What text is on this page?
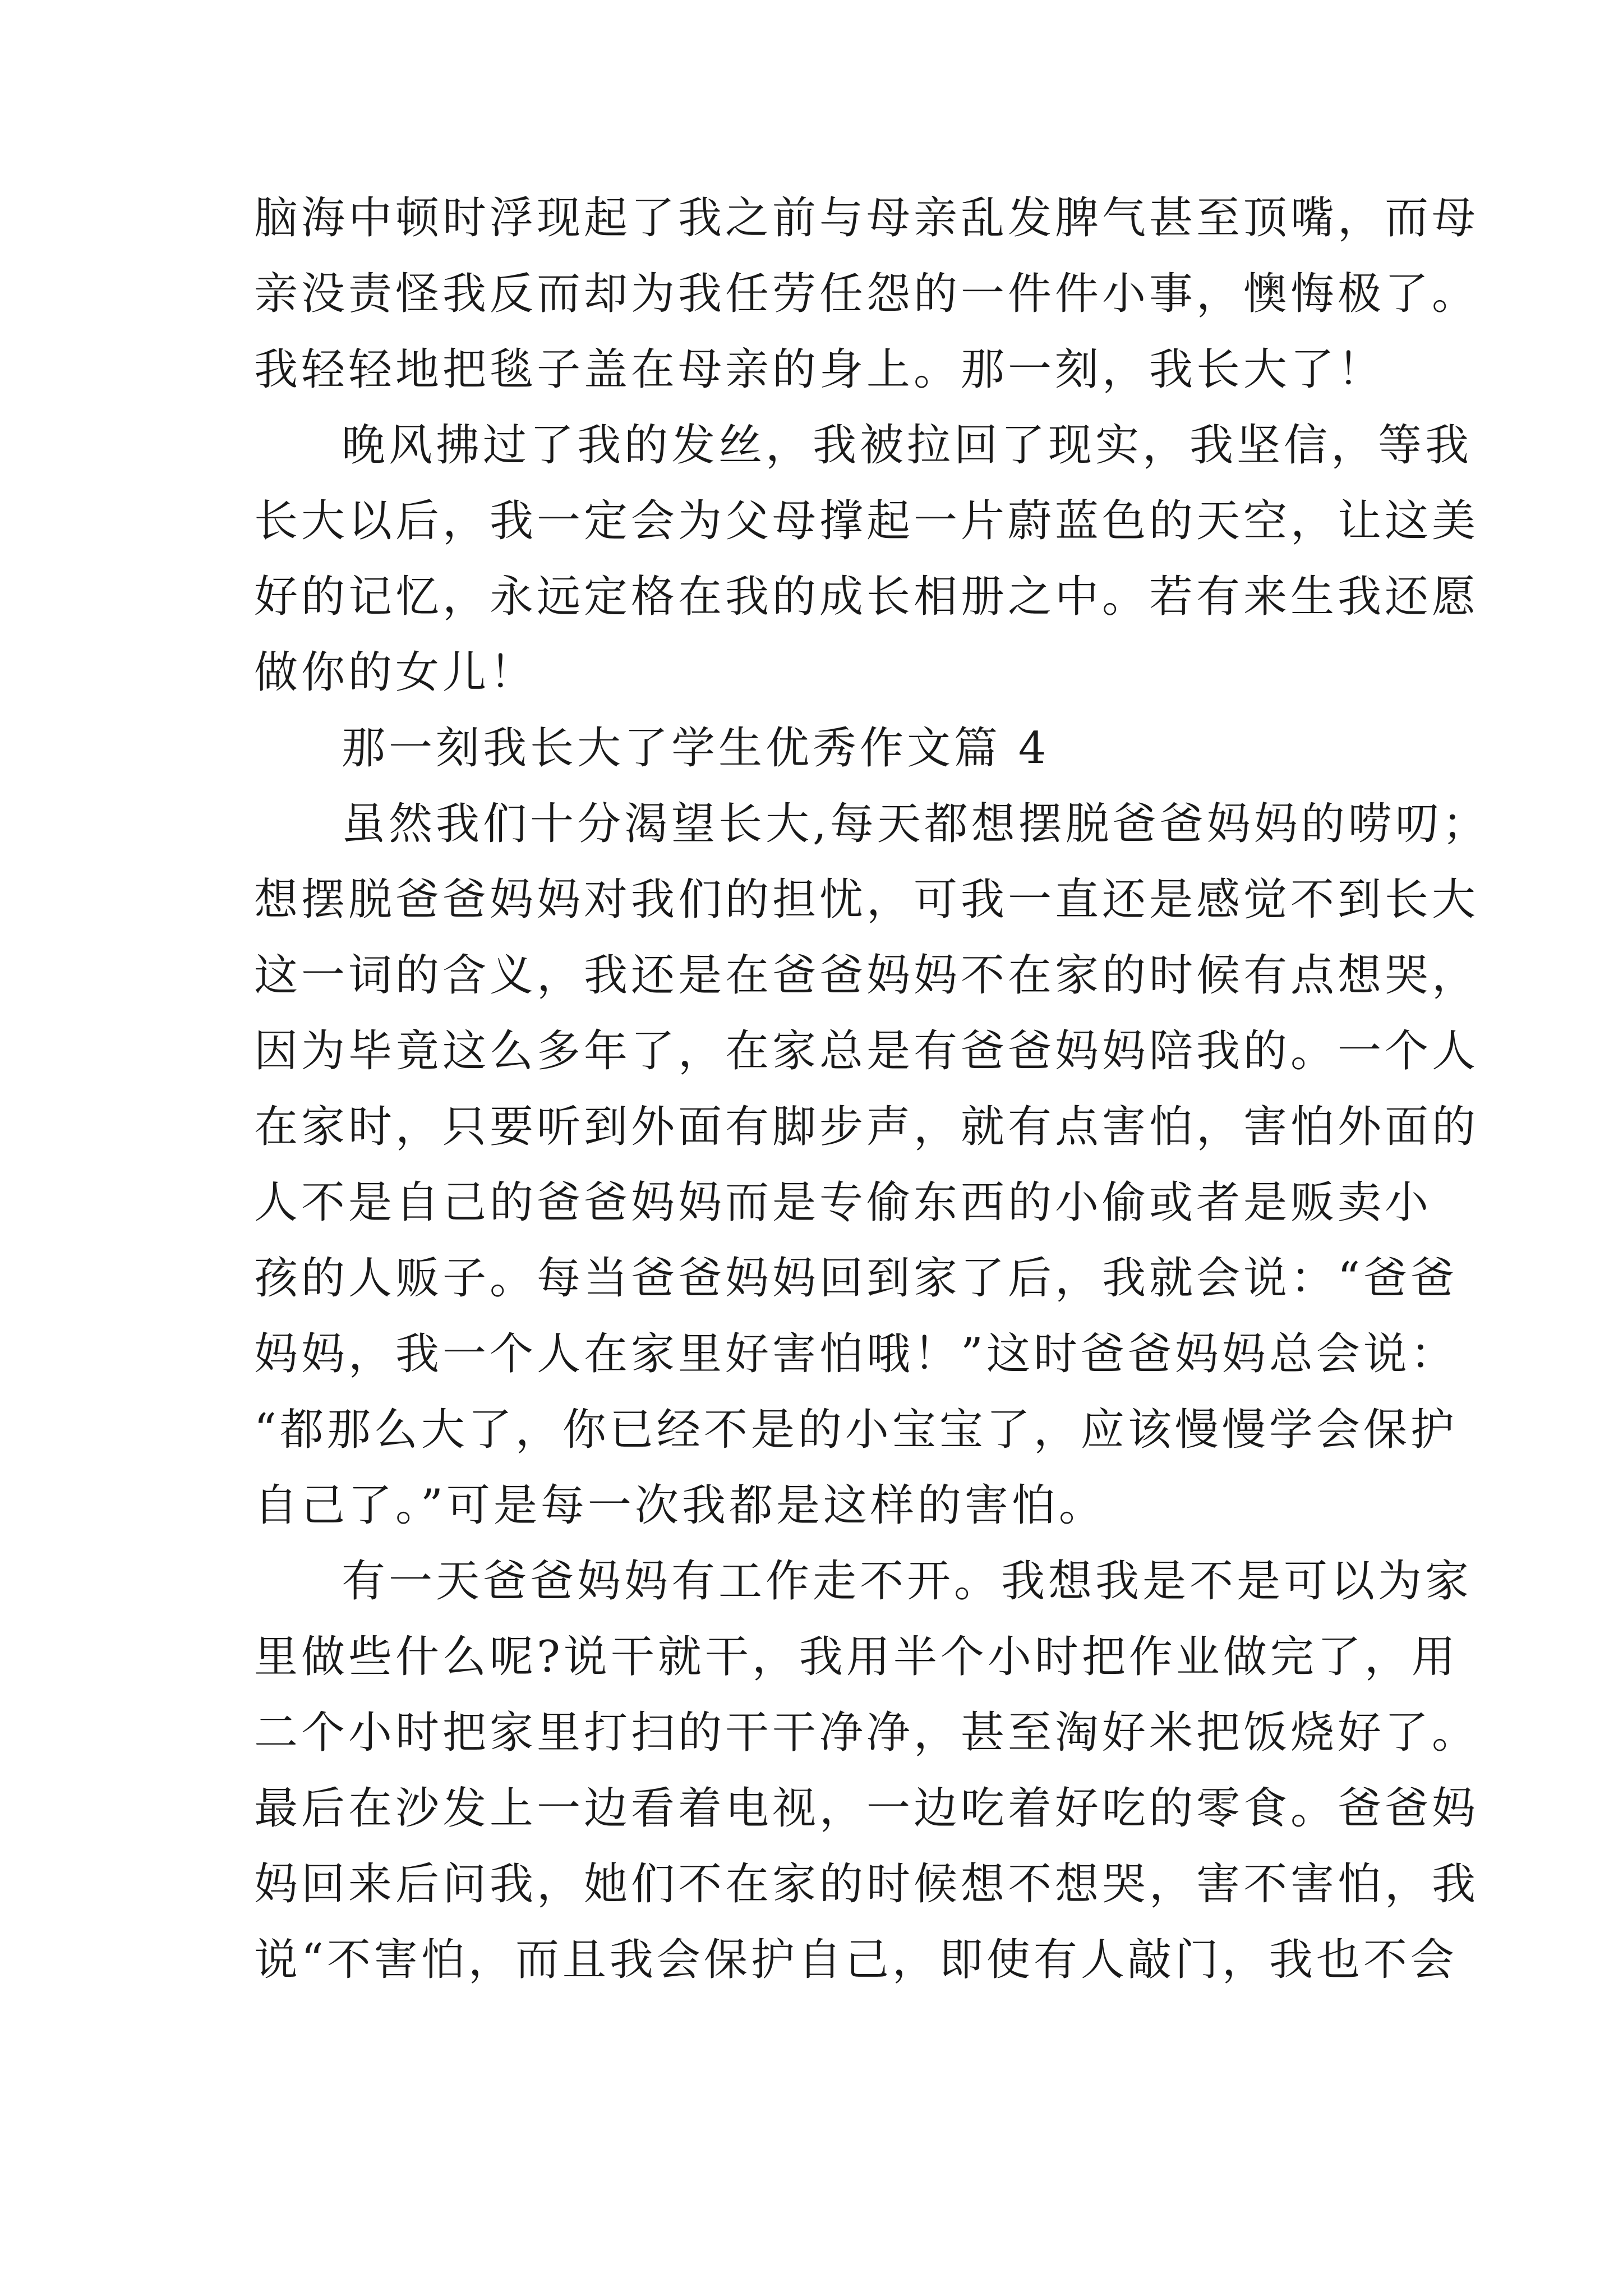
脑海中顿时浮现起了我之前与母亲乱发脾气甚至顶嘴，而母
亲没责怪我反而却为我任劳任怨的一件件小事，懊悔极了。
我轻轻地把毯子盖在母亲的身上。那一刻，我长大了！
晚风拂过了我的发丝，我被拉回了现实，我坚信，等我
长大以后，我一定会为父母撑起一片蔚蓝色的天空，让这美
好的记忆，永远定格在我的成长相册之中。若有来生我还愿
做你的女儿！
那一刻我长大了学生优秀作文篇 4
虽然我们十分渴望长大,每天都想摆脱爸爸妈妈的唠叨；
想摆脱爸爸妈妈对我们的担忧，可我一直还是感觉不到长大
这一词的含义，我还是在爸爸妈妈不在家的时候有点想哭，
因为毕竟这么多年了，在家总是有爸爸妈妈陪我的。一个人
在家时，只要听到外面有脚步声，就有点害怕，害怕外面的
人不是自己的爸爸妈妈而是专偷东西的小偷或者是贩卖小
孩的人贩子。每当爸爸妈妈回到家了后，我就会说：“爸爸
妈妈，我一个人在家里好害怕哦！”这时爸爸妈妈总会说：
“都那么大了，你已经不是的小宝宝了，应该慢慢学会保护
自己了。”可是每一次我都是这样的害怕。
有一天爸爸妈妈有工作走不开。我想我是不是可以为家
里做些什么呢?说干就干，我用半个小时把作业做完了，用
二个小时把家里打扫的干干净净，甚至淘好米把饭烧好了。
最后在沙发上一边看着电视，一边吃着好吃的零食。爸爸妈
妈回来后问我，她们不在家的时候想不想哭，害不害怕，我
说“不害怕，而且我会保护自己，即使有人敲门，我也不会
